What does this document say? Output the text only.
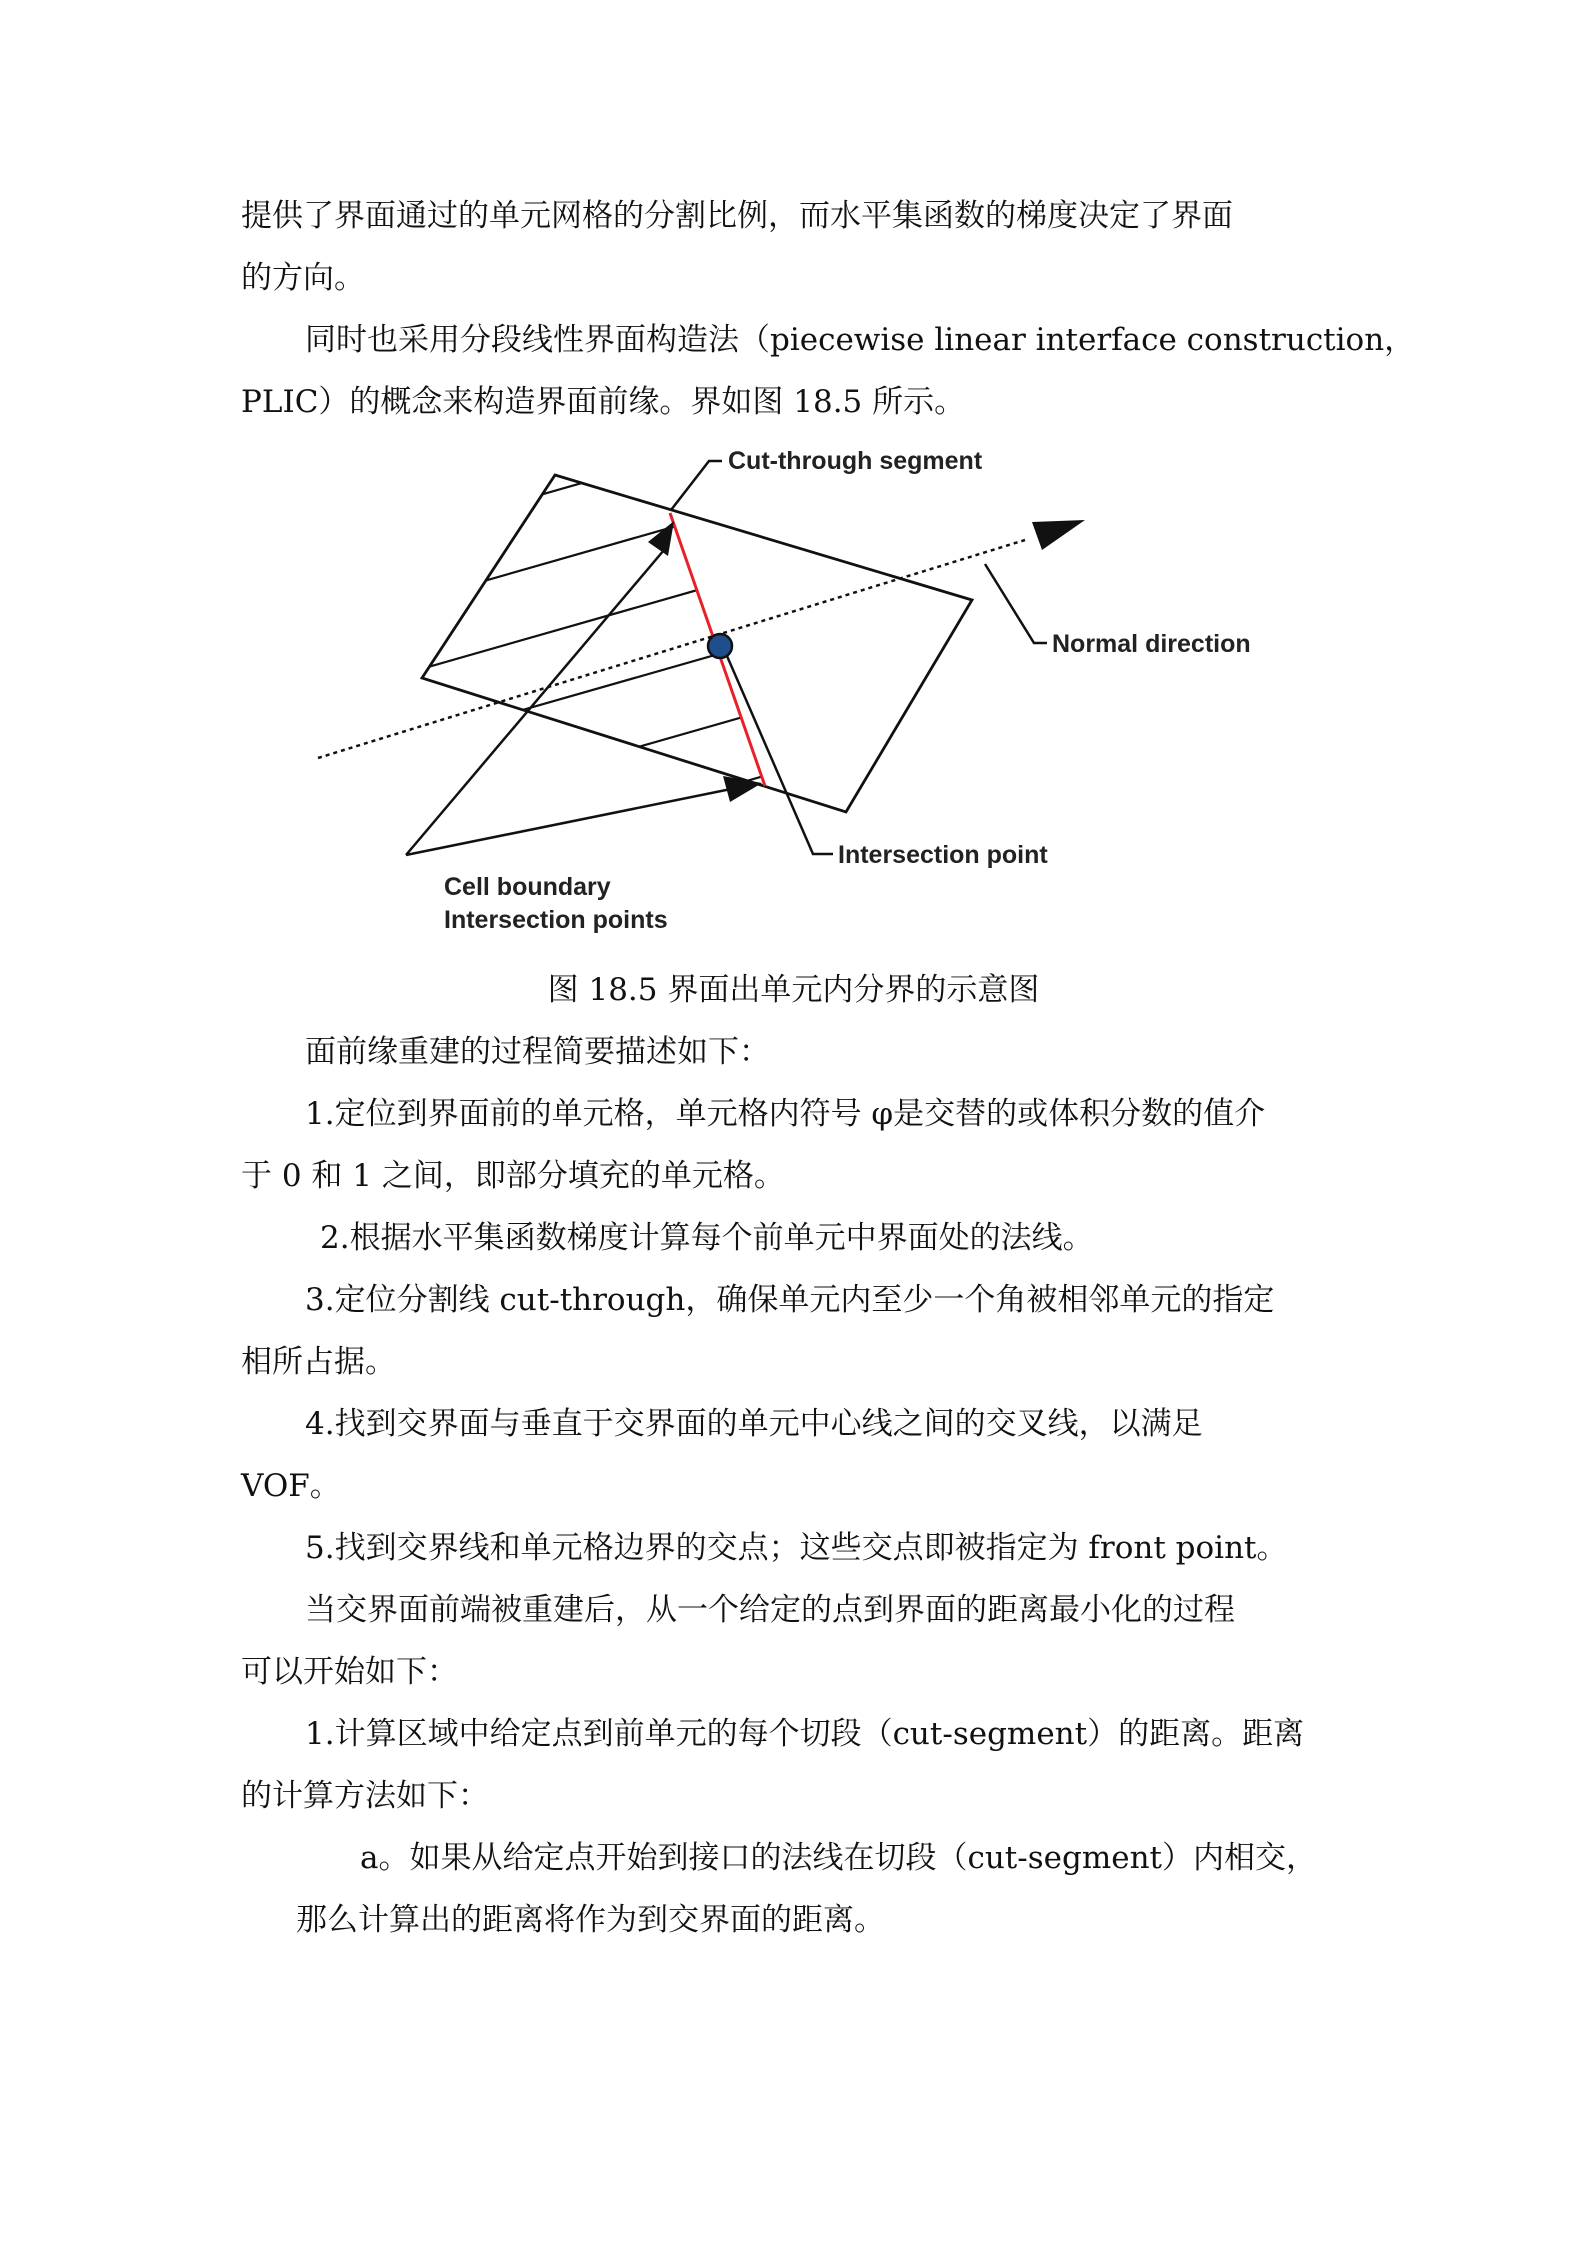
提供了界面通过的单元网格的分割比例，而水平集函数的梯度决定了界面

的方向。

同时也采用分段线性界面构造法（piecewise linear interface construction，

PLIC）的概念来构造界面前缘。界如图 18.5 所示。

Cut-through segment
Normal direction
Intersection point
Cell boundary
Intersection points

图 18.5 界面出单元内分界的示意图

面前缘重建的过程简要描述如下：

1.定位到界面前的单元格，单元格内符号 φ是交替的或体积分数的值介

于 0 和 1 之间，即部分填充的单元格。

2.根据水平集函数梯度计算每个前单元中界面处的法线。

3.定位分割线 cut-through，确保单元内至少一个角被相邻单元的指定

相所占据。

4.找到交界面与垂直于交界面的单元中心线之间的交叉线，以满足

VOF。

5.找到交界线和单元格边界的交点；这些交点即被指定为 front point。

当交界面前端被重建后，从一个给定的点到界面的距离最小化的过程

可以开始如下：

1.计算区域中给定点到前单元的每个切段（cut-segment）的距离。距离

的计算方法如下：

a。如果从给定点开始到接口的法线在切段（cut-segment）内相交，

那么计算出的距离将作为到交界面的距离。
